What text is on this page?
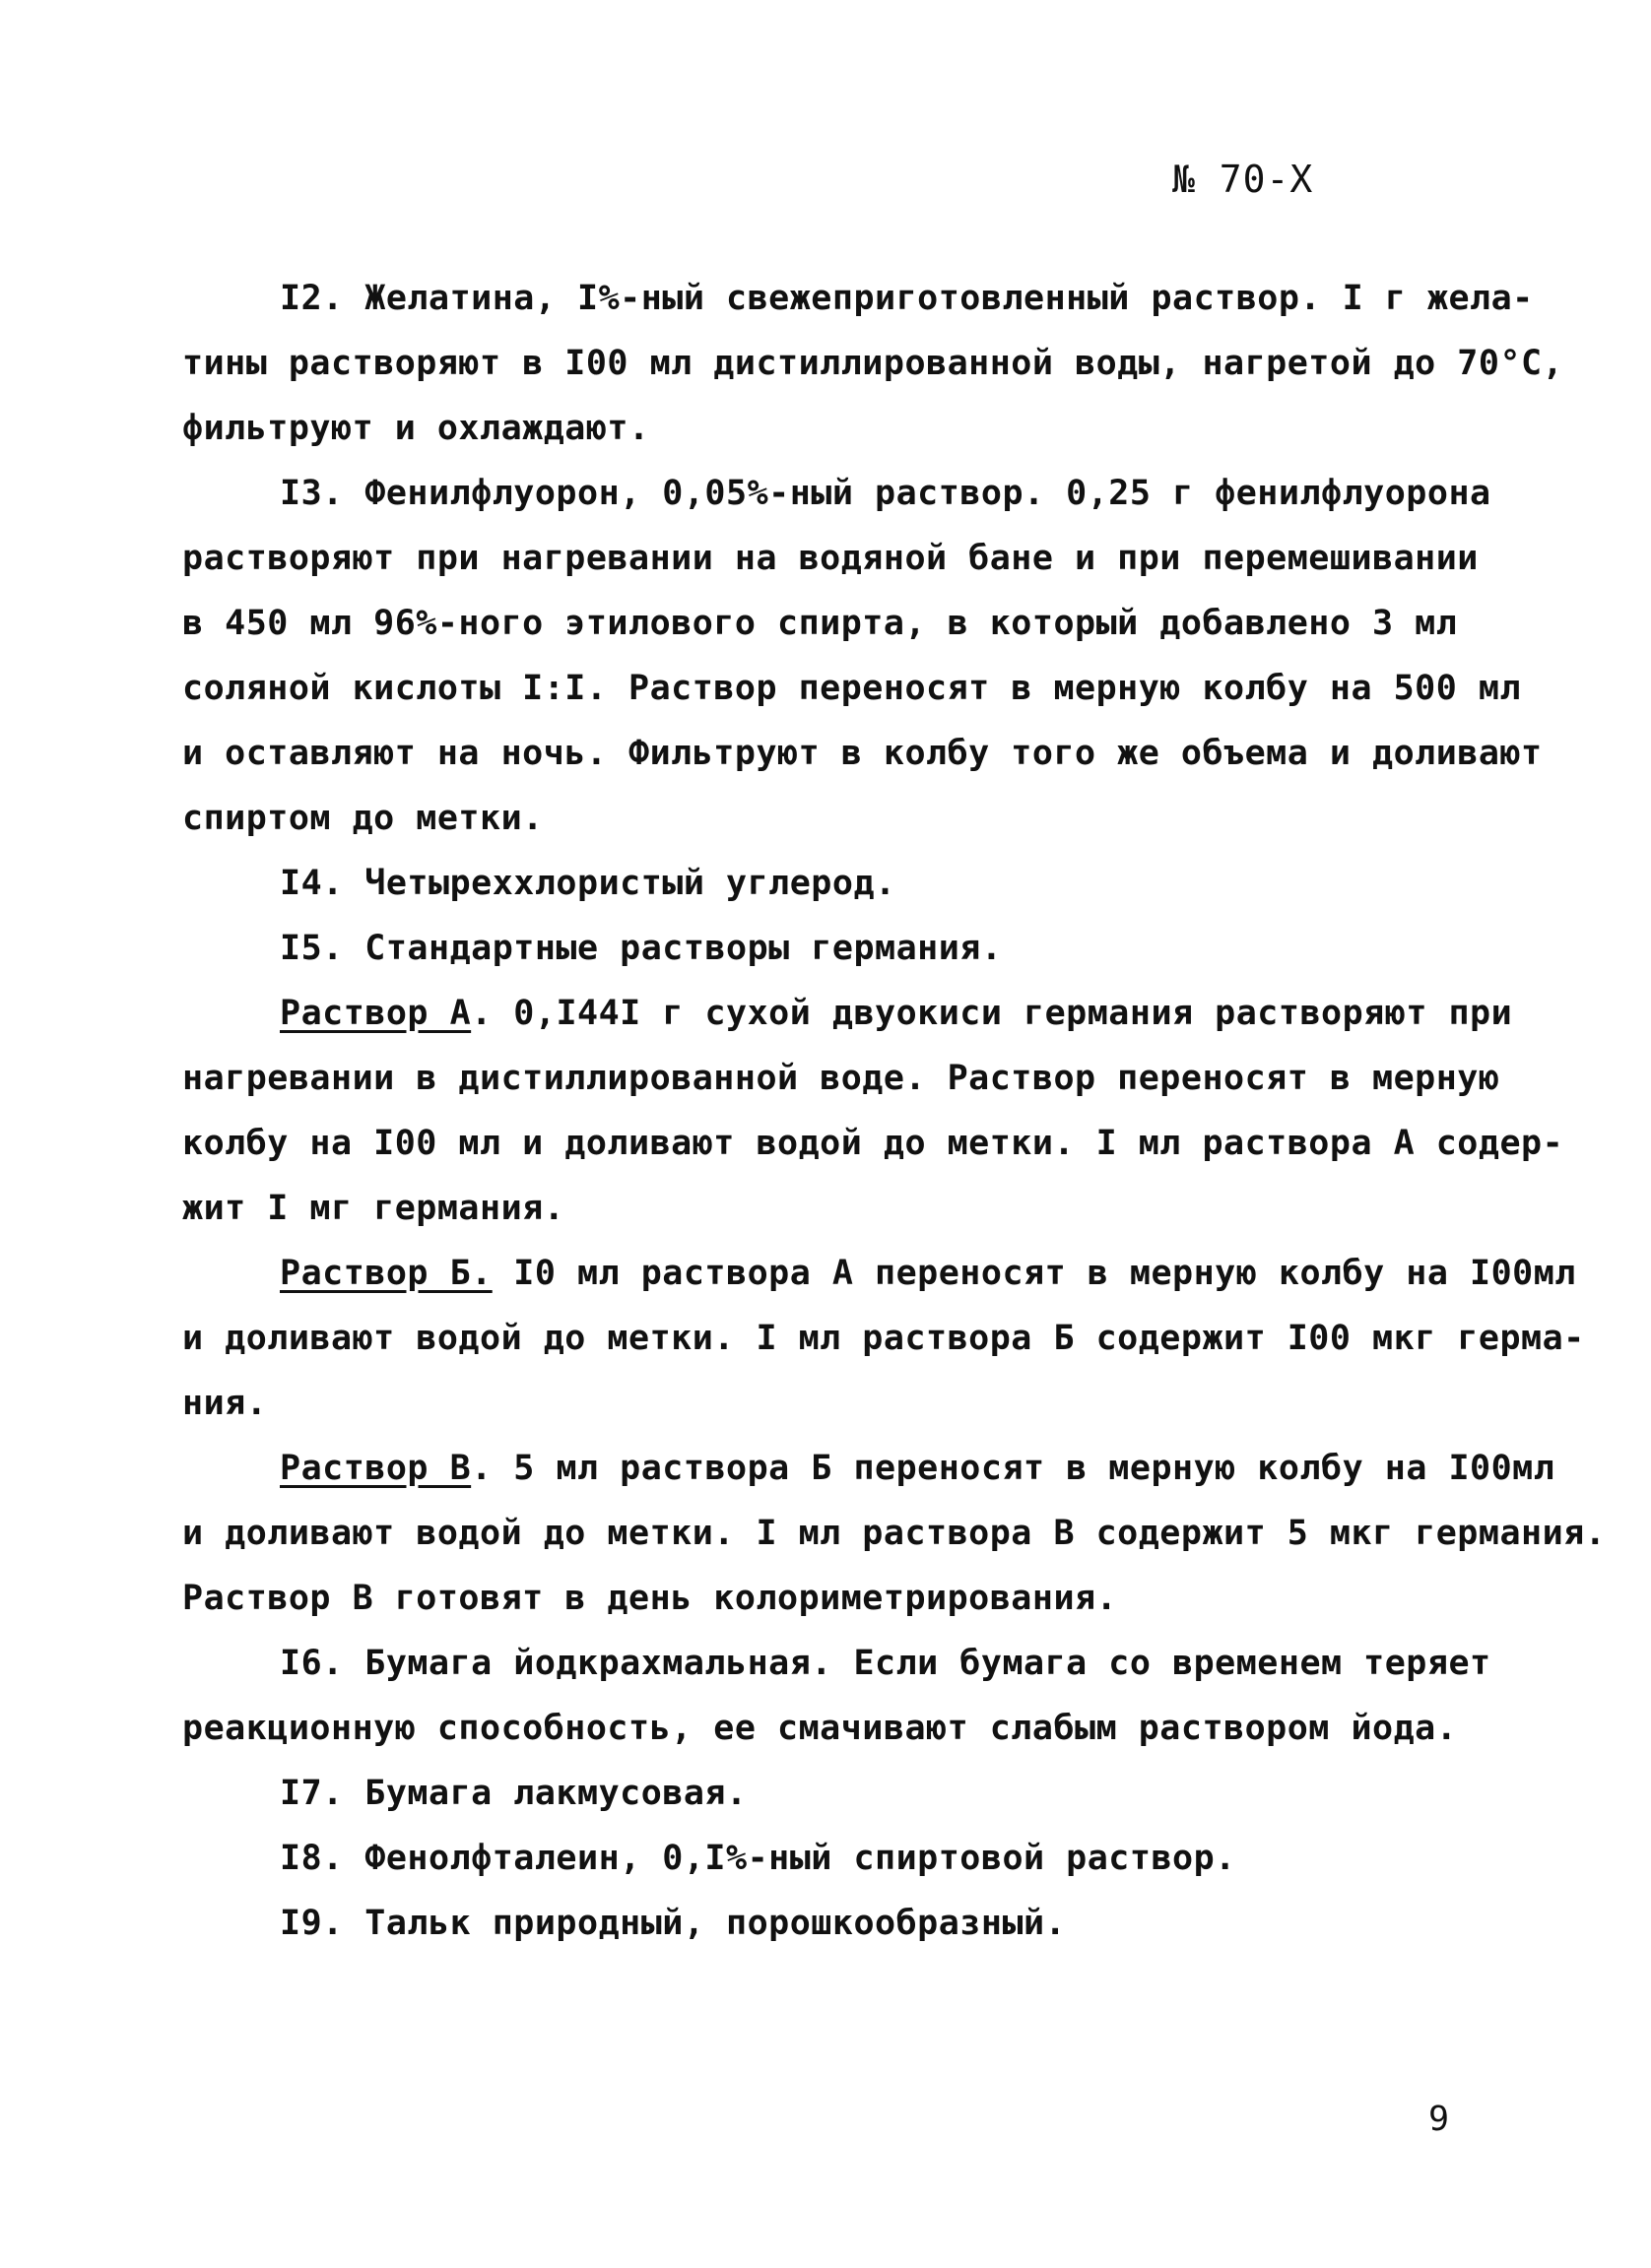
№ 70-Х
I2. Желатина, I%-ный свежеприготовленный раствор. I г жела-
тины растворяют в I00 мл дистиллированной воды, нагретой до 70°С,
фильтруют и охлаждают.
I3. Фенилфлуорон, 0,05%-ный раствор. 0,25 г фенилфлуорона
растворяют при нагревании на водяной бане и при перемешивании
в 450 мл 96%-ного этилового спирта, в который добавлено 3 мл
соляной кислоты I:I. Раствор переносят в мерную колбу на 500 мл
и оставляют на ночь. Фильтруют в колбу того же объема и доливают
спиртом до метки.
I4. Четыреххлористый углерод.
I5. Стандартные растворы германия.
Раствор А. 0,I44I г сухой двуокиси германия растворяют при
нагревании в дистиллированной воде. Раствор переносят в мерную
колбу на I00 мл и доливают водой до метки. I мл раствора А содер-
жит I мг германия.
Раствор Б. I0 мл раствора А переносят в мерную колбу на I00мл
и доливают водой до метки. I мл раствора Б содержит I00 мкг герма-
ния.
Раствор В. 5 мл раствора Б переносят в мерную колбу на I00мл
и доливают водой до метки. I мл раствора В содержит 5 мкг германия.
Раствор В готовят в день колориметрирования.
I6. Бумага йодкрахмальная. Если бумага со временем теряет
реакционную способность, ее смачивают слабым раствором йода.
I7. Бумага лакмусовая.
I8. Фенолфталеин, 0,I%-ный спиртовой раствор.
I9. Тальк природный, порошкообразный.
9
